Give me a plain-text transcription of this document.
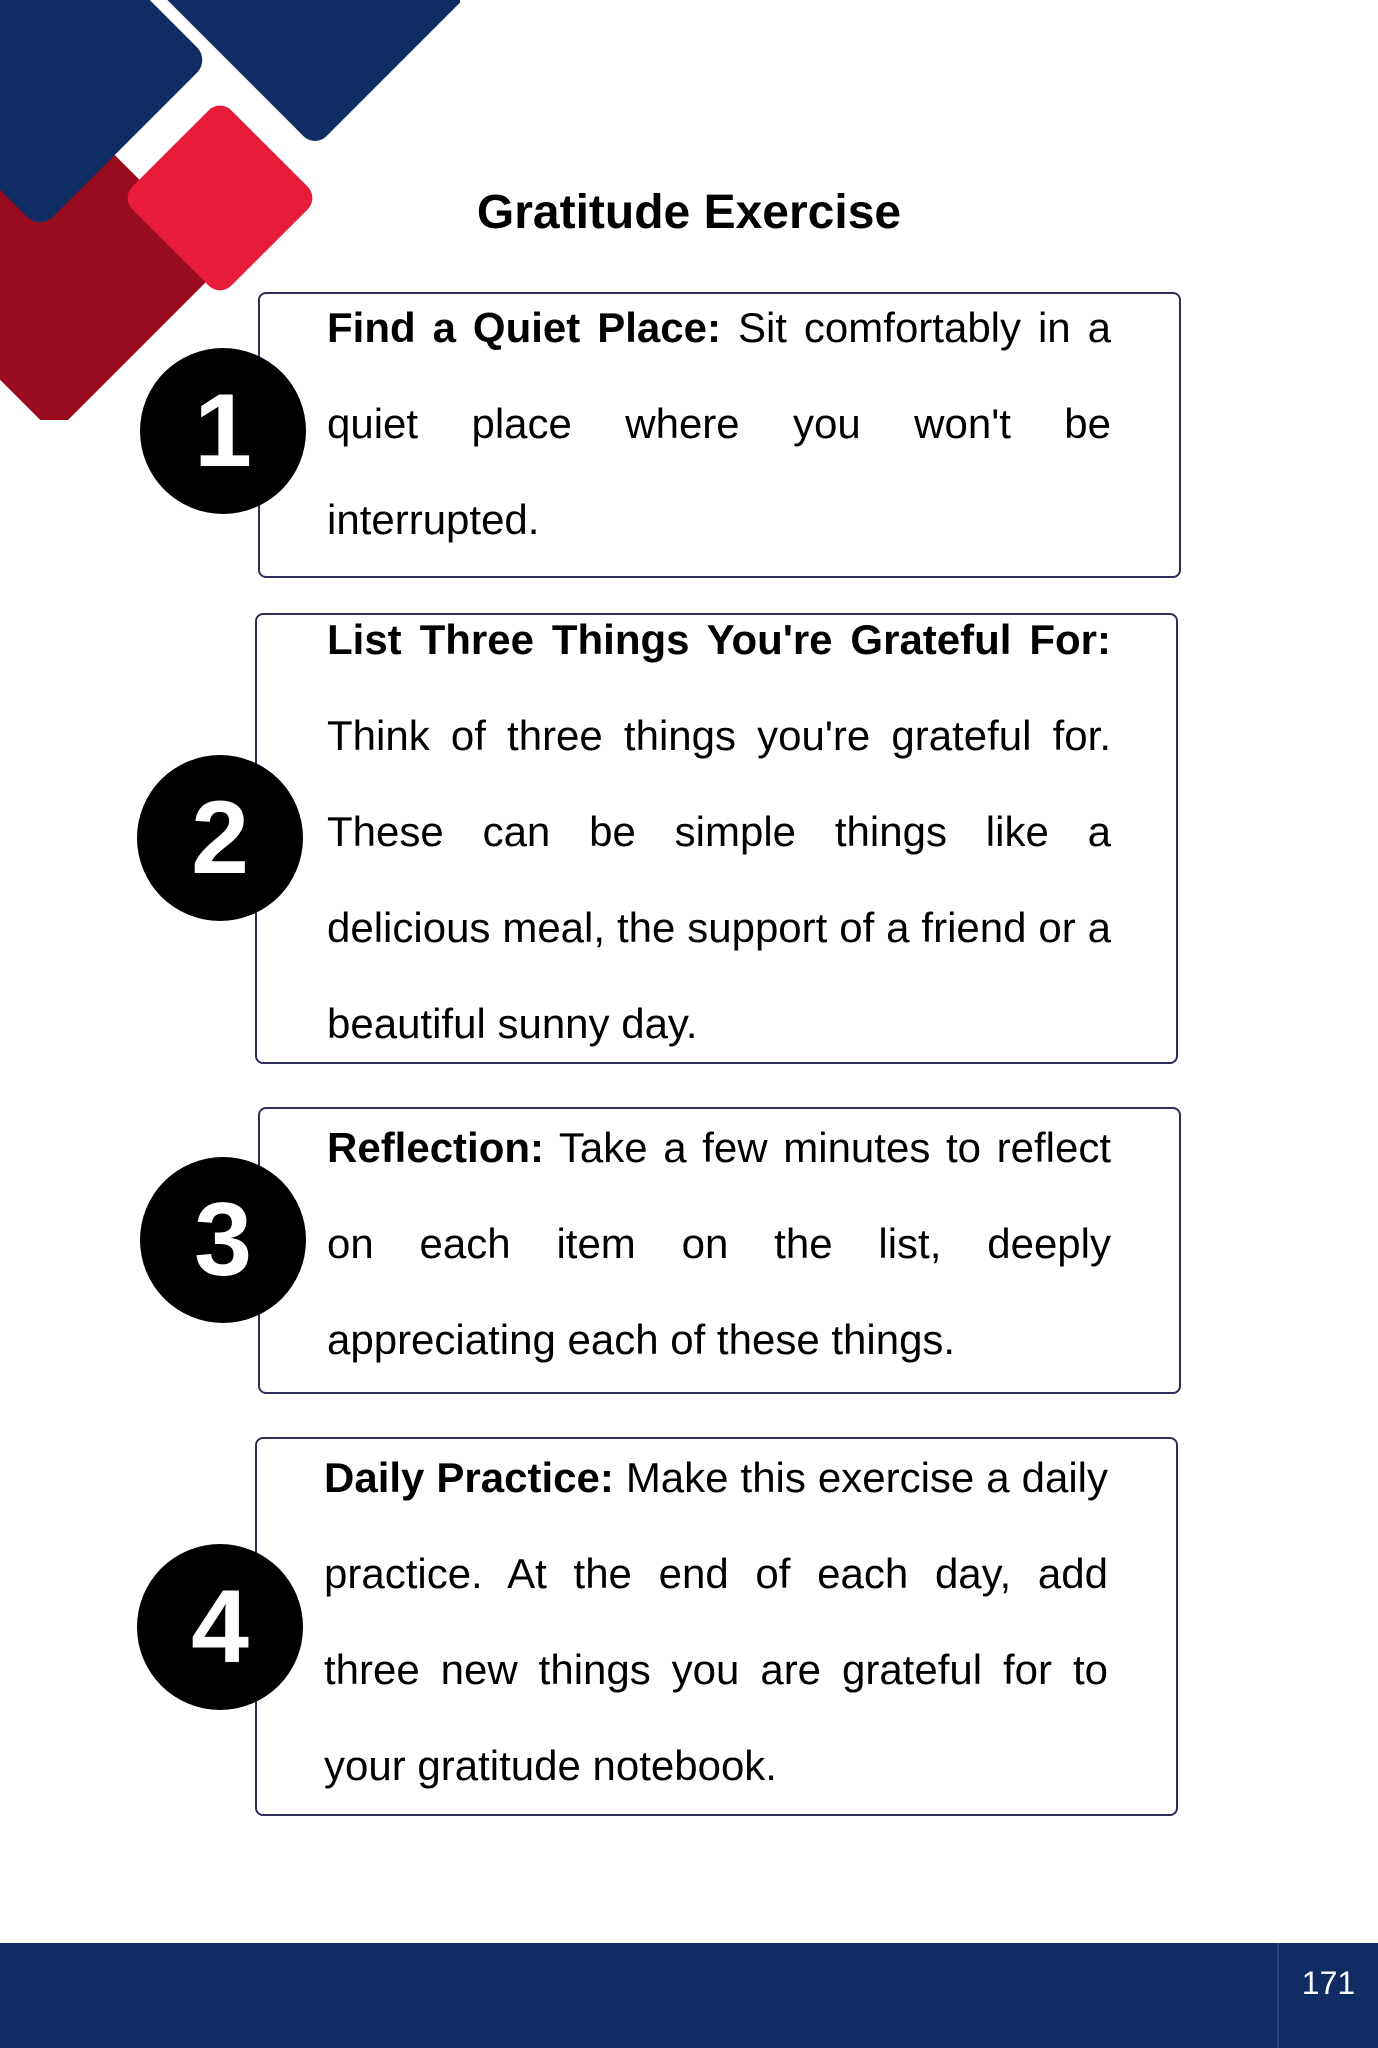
Gratitude Exercise
Find a Quiet Place: Sit comfortably in a quiet place where you won't be interrupted.
1
List Three Things You're Grateful For: Think of three things you're grateful for. These can be simple things like a delicious meal, the support of a friend or a beautiful sunny day.
2
Reflection: Take a few minutes to reflect on each item on the list, deeply appreciating each of these things.
3
Daily Practice: Make this exercise a daily practice. At the end of each day, add three new things you are grateful for to your gratitude notebook.
4
171
